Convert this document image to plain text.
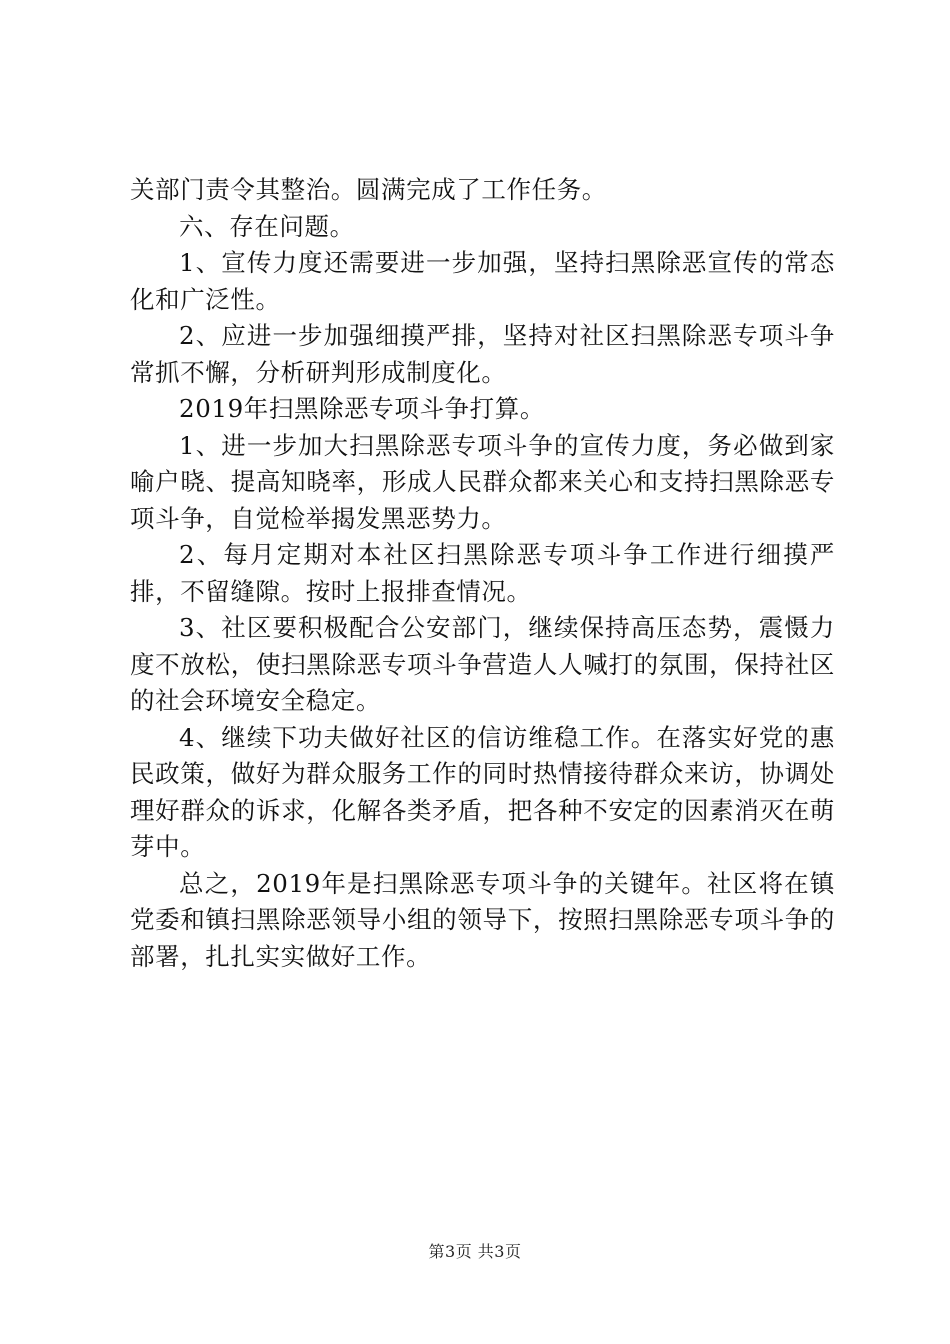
关部门责令其整治。圆满完成了工作任务。

六、存在问题。

1、宣传力度还需要进一步加强，坚持扫黑除恶宣传的常态化和广泛性。

2、应进一步加强细摸严排，坚持对社区扫黑除恶专项斗争常抓不懈，分析研判形成制度化。

2019年扫黑除恶专项斗争打算。

1、进一步加大扫黑除恶专项斗争的宣传力度，务必做到家喻户晓、提高知晓率，形成人民群众都来关心和支持扫黑除恶专项斗争，自觉检举揭发黑恶势力。

2、每月定期对本社区扫黑除恶专项斗争工作进行细摸严排，不留缝隙。按时上报排查情况。

3、社区要积极配合公安部门，继续保持高压态势，震慑力度不放松，使扫黑除恶专项斗争营造人人喊打的氛围，保持社区的社会环境安全稳定。

4、继续下功夫做好社区的信访维稳工作。在落实好党的惠民政策，做好为群众服务工作的同时热情接待群众来访，协调处理好群众的诉求，化解各类矛盾，把各种不安定的因素消灭在萌芽中。

总之，2019年是扫黑除恶专项斗争的关键年。社区将在镇党委和镇扫黑除恶领导小组的领导下，按照扫黑除恶专项斗争的部署，扎扎实实做好工作。

第3页 共3页
